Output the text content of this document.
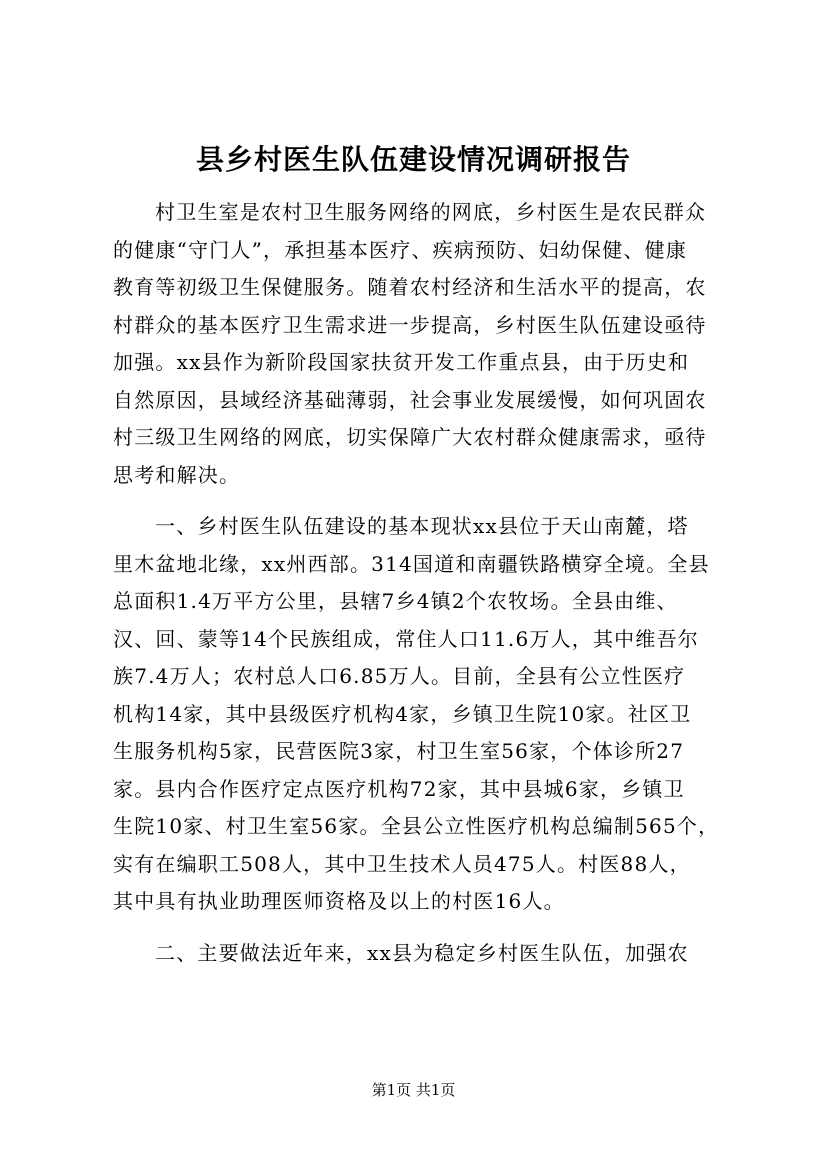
县乡村医生队伍建设情况调研报告
村卫生室是农村卫生服务网络的网底，乡村医生是农民群众
的健康“守门人”，承担基本医疗、疾病预防、妇幼保健、健康
教育等初级卫生保健服务。随着农村经济和生活水平的提高，农
村群众的基本医疗卫生需求进一步提高，乡村医生队伍建设亟待
加强。xx县作为新阶段国家扶贫开发工作重点县，由于历史和
自然原因，县域经济基础薄弱，社会事业发展缓慢，如何巩固农
村三级卫生网络的网底，切实保障广大农村群众健康需求，亟待
思考和解决。
一、乡村医生队伍建设的基本现状xx县位于天山南麓，塔
里木盆地北缘，xx州西部。314国道和南疆铁路横穿全境。全县
总面积1.4万平方公里，县辖7乡4镇2个农牧场。全县由维、
汉、回、蒙等14个民族组成，常住人口11.6万人，其中维吾尔
族7.4万人；农村总人口6.85万人。目前，全县有公立性医疗
机构14家，其中县级医疗机构4家，乡镇卫生院10家。社区卫
生服务机构5家，民营医院3家，村卫生室56家，个体诊所27
家。县内合作医疗定点医疗机构72家，其中县城6家，乡镇卫
生院10家、村卫生室56家。全县公立性医疗机构总编制565个，
实有在编职工508人，其中卫生技术人员475人。村医88人，
其中具有执业助理医师资格及以上的村医16人。
二、主要做法近年来，xx县为稳定乡村医生队伍，加强农
第1页 共1页
